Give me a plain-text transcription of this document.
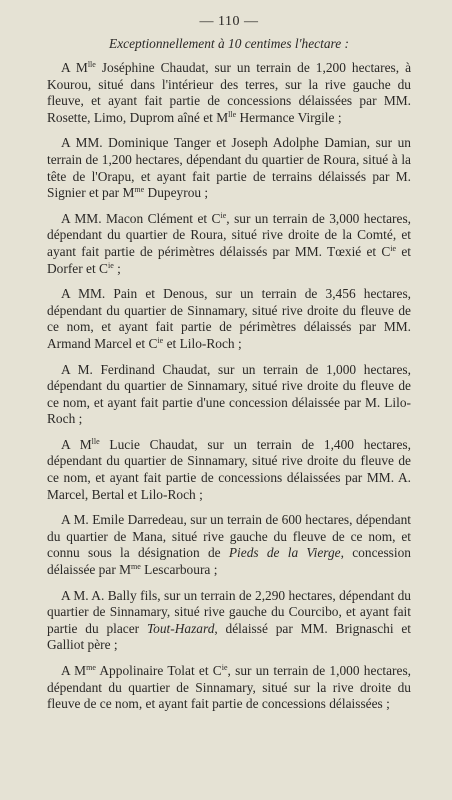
— 110 —
Exceptionnellement à 10 centimes l'hectare :

A $M^{lle}$ Joséphine Chaudat, sur un terrain de 1,200 hectares, à Kourou, situé dans l'intérieur des terres, sur la rive gauche du fleuve, et ayant fait partie de concessions délaissées par MM. Rosette, Limo, Duprom aîné et $M^{lle}$ Hermance Virgile ;

A MM. Dominique Tanger et Joseph Adolphe Damian, sur un terrain de 1,200 hectares, dépendant du quartier de Roura, situé à la tête de l'Orapu, et ayant fait partie de terrains délaissés par M. Signier et par $M^{me}$ Dupeyrou ;

A MM. Macon Clément et $C^{ie}$, sur un terrain de 3,000 hectares, dépendant du quartier de Roura, situé rive droite de la Comté, et ayant fait partie de périmètres délaissés par MM. Tœxié et $C^{ie}$ et Dorfer et $C^{ie}$ ;

A MM. Pain et Denous, sur un terrain de 3,456 hectares, dépendant du quartier de Sinnamary, situé rive droite du fleuve de ce nom, et ayant fait partie de périmètres délaissés par MM. Armand Marcel et $C^{ie}$ et Lilo-Roch ;

A M. Ferdinand Chaudat, sur un terrain de 1,000 hectares, dépendant du quartier de Sinnamary, situé rive droite du fleuve de ce nom, et ayant fait partie d'une concession délaissée par M. Lilo-Roch ;

A $M^{lle}$ Lucie Chaudat, sur un terrain de 1,400 hectares, dépendant du quartier de Sinnamary, situé rive droite du fleuve de ce nom, et ayant fait partie de concessions délaissées par MM. A. Marcel, Bertal et Lilo-Roch ;

A M. Emile Darredeau, sur un terrain de 600 hectares, dépendant du quartier de Mana, situé rive gauche du fleuve de ce nom, et connu sous la désignation de Pieds de la Vierge, concession délaissée par $M^{me}$ Lescarboura ;

A M. A. Bally fils, sur un terrain de 2,290 hectares, dépendant du quartier de Sinnamary, situé rive gauche du Courcibo, et ayant fait partie du placer Tout-Hazard, délaissé par MM. Brignaschi et Galliot père ;

A $M^{me}$ Appolinaire Tolat et $C^{ie}$, sur un terrain de 1,000 hectares, dépendant du quartier de Sinnamary, situé sur la rive droite du fleuve de ce nom, et ayant fait partie de concessions délaissées ;
